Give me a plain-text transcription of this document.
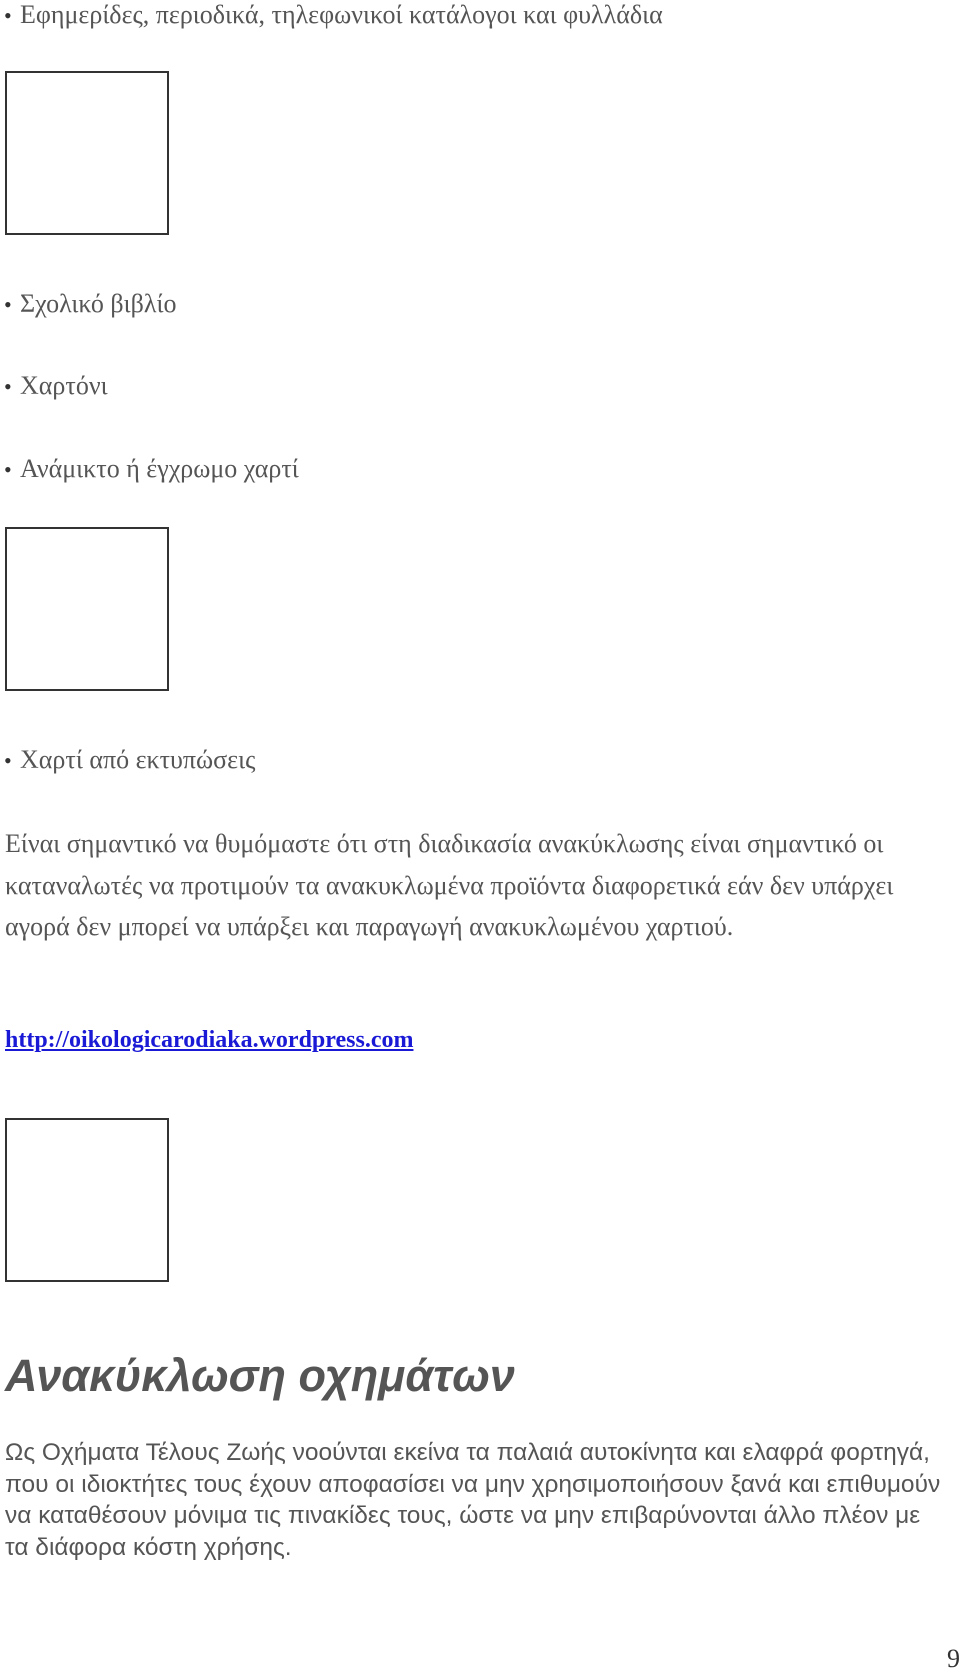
• Εφημερίδες, περιοδικά, τηλεφωνικοί κατάλογοι και φυλλάδια
• Σχολικό βιβλίο
• Χαρτόνι
• Ανάμικτο ή έγχρωμο χαρτί
• Χαρτί από εκτυπώσεις

Είναι σημαντικό να θυμόμαστε ότι στη διαδικασία ανακύκλωσης είναι σημαντικό οι καταναλωτές να προτιμούν τα ανακυκλωμένα προϊόντα διαφορετικά εάν δεν υπάρχει αγορά δεν μπορεί να υπάρξει και παραγωγή ανακυκλωμένου χαρτιού.

http://oikologicarodiaka.wordpress.com
Ανακύκλωση οχημάτων

Ως Οχήματα Τέλους Ζωής νοούνται εκείνα τα παλαιά αυτοκίνητα και ελαφρά φορτηγά, που οι ιδιοκτήτες τους έχουν αποφασίσει να μην χρησιμοποιήσουν ξανά και επιθυμούν να καταθέσουν μόνιμα τις πινακίδες τους, ώστε να μην επιβαρύνονται άλλο πλέον με τα διάφορα κόστη χρήσης.

9
